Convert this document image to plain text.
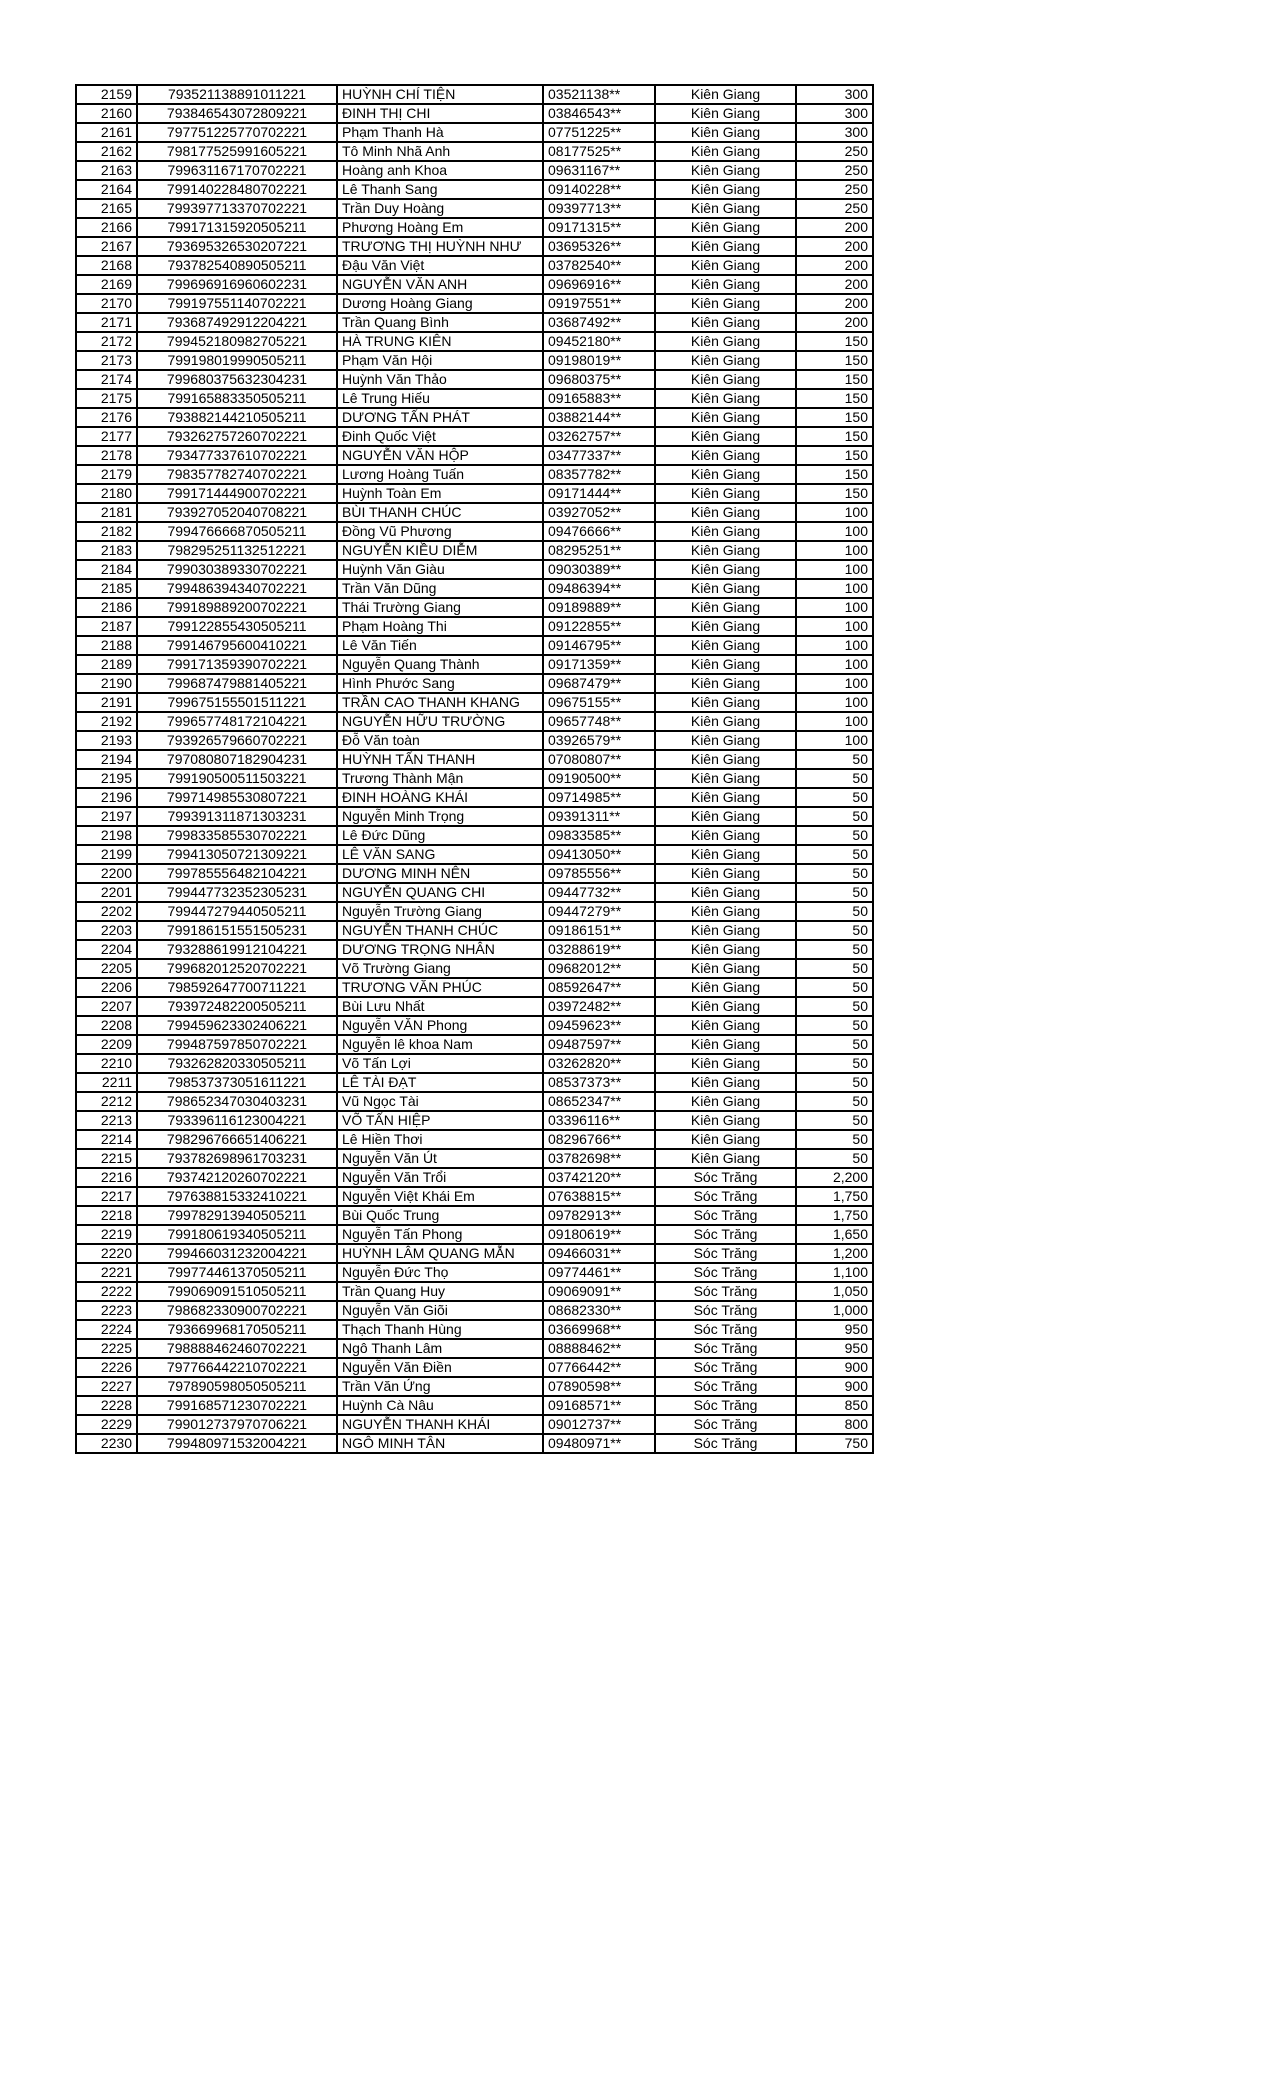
2159	793521138891011221	HUỲNH CHÍ TIỆN	03521138**	Kiên Giang	300
2160	793846543072809221	ĐINH THỊ CHI	03846543**	Kiên Giang	300
2161	797751225770702221	Phạm Thanh Hà	07751225**	Kiên Giang	300
2162	798177525991605221	Tô Minh Nhã Anh	08177525**	Kiên Giang	250
2163	799631167170702221	Hoàng anh Khoa	09631167**	Kiên Giang	250
2164	799140228480702221	Lê Thanh Sang	09140228**	Kiên Giang	250
2165	799397713370702221	Trần Duy Hoàng	09397713**	Kiên Giang	250
2166	799171315920505211	Phương Hoàng Em	09171315**	Kiên Giang	200
2167	793695326530207221	TRƯƠNG THỊ HUỲNH NHƯ	03695326**	Kiên Giang	200
2168	793782540890505211	Đậu Văn Việt	03782540**	Kiên Giang	200
2169	799696916960602231	NGUYỄN VĂN ANH	09696916**	Kiên Giang	200
2170	799197551140702221	Dương Hoàng Giang	09197551**	Kiên Giang	200
2171	793687492912204221	Trần Quang Bình	03687492**	Kiên Giang	200
2172	799452180982705221	HÀ TRUNG KIÊN	09452180**	Kiên Giang	150
2173	799198019990505211	Phạm Văn Hội	09198019**	Kiên Giang	150
2174	799680375632304231	Huỳnh Văn Thảo	09680375**	Kiên Giang	150
2175	799165883350505211	Lê Trung Hiếu	09165883**	Kiên Giang	150
2176	793882144210505211	DƯƠNG TẤN PHÁT	03882144**	Kiên Giang	150
2177	793262757260702221	Đinh Quốc Việt	03262757**	Kiên Giang	150
2178	793477337610702221	NGUYỄN VĂN HỘP	03477337**	Kiên Giang	150
2179	798357782740702221	Lương Hoàng Tuấn	08357782**	Kiên Giang	150
2180	799171444900702221	Huỳnh Toàn Em	09171444**	Kiên Giang	150
2181	793927052040708221	BÙI THANH CHÚC	03927052**	Kiên Giang	100
2182	799476666870505211	Đồng Vũ Phương	09476666**	Kiên Giang	100
2183	798295251132512221	NGUYỄN KIỀU DIỄM	08295251**	Kiên Giang	100
2184	799030389330702221	Huỳnh Văn Giàu	09030389**	Kiên Giang	100
2185	799486394340702221	Trần Văn Dũng	09486394**	Kiên Giang	100
2186	799189889200702221	Thái Trường Giang	09189889**	Kiên Giang	100
2187	799122855430505211	Phạm Hoàng Thi	09122855**	Kiên Giang	100
2188	799146795600410221	Lê Văn Tiến	09146795**	Kiên Giang	100
2189	799171359390702221	Nguyễn Quang Thành	09171359**	Kiên Giang	100
2190	799687479881405221	Hình Phước Sang	09687479**	Kiên Giang	100
2191	799675155501511221	TRẦN CAO THANH KHANG	09675155**	Kiên Giang	100
2192	799657748172104221	NGUYỄN HỮU TRƯỜNG	09657748**	Kiên Giang	100
2193	793926579660702221	Đỗ Văn toàn	03926579**	Kiên Giang	100
2194	797080807182904231	HUỲNH TẤN THANH	07080807**	Kiên Giang	50
2195	799190500511503221	Trương Thành Mận	09190500**	Kiên Giang	50
2196	799714985530807221	ĐINH HOÀNG KHÁI	09714985**	Kiên Giang	50
2197	799391311871303231	Nguyễn Minh Trọng	09391311**	Kiên Giang	50
2198	799833585530702221	Lê Đức Dũng	09833585**	Kiên Giang	50
2199	799413050721309221	LÊ VĂN SANG	09413050**	Kiên Giang	50
2200	799785556482104221	DƯƠNG MINH NÊN	09785556**	Kiên Giang	50
2201	799447732352305231	NGUYỄN QUANG CHI	09447732**	Kiên Giang	50
2202	799447279440505211	Nguyễn Trường Giang	09447279**	Kiên Giang	50
2203	799186151551505231	NGUYỄN THANH CHÚC	09186151**	Kiên Giang	50
2204	793288619912104221	DƯƠNG TRỌNG NHÂN	03288619**	Kiên Giang	50
2205	799682012520702221	Võ Trường Giang	09682012**	Kiên Giang	50
2206	798592647700711221	TRƯƠNG VĂN PHÚC	08592647**	Kiên Giang	50
2207	793972482200505211	Bùi Lưu Nhất	03972482**	Kiên Giang	50
2208	799459623302406221	Nguyễn VĂN Phong	09459623**	Kiên Giang	50
2209	799487597850702221	Nguyễn lê khoa Nam	09487597**	Kiên Giang	50
2210	793262820330505211	Võ Tấn Lợi	03262820**	Kiên Giang	50
2211	798537373051611221	LÊ TÀI ĐẠT	08537373**	Kiên Giang	50
2212	798652347030403231	Vũ Ngọc Tài	08652347**	Kiên Giang	50
2213	793396116123004221	VÕ TẤN HIỆP	03396116**	Kiên Giang	50
2214	798296766651406221	Lê Hiền Thơi	08296766**	Kiên Giang	50
2215	793782698961703231	Nguyễn Văn Út	03782698**	Kiên Giang	50
2216	793742120260702221	Nguyễn Văn Trổi	03742120**	Sóc Trăng	2,200
2217	797638815332410221	Nguyễn Việt Khái Em	07638815**	Sóc Trăng	1,750
2218	799782913940505211	Bùi Quốc Trung	09782913**	Sóc Trăng	1,750
2219	799180619340505211	Nguyễn Tấn Phong	09180619**	Sóc Trăng	1,650
2220	799466031232004221	HUỲNH LÂM QUANG MẪN	09466031**	Sóc Trăng	1,200
2221	799774461370505211	Nguyễn Đức Thọ	09774461**	Sóc Trăng	1,100
2222	799069091510505211	Trần Quang Huy	09069091**	Sóc Trăng	1,050
2223	798682330900702221	Nguyễn Văn Giõi	08682330**	Sóc Trăng	1,000
2224	793669968170505211	Thạch Thanh Hùng	03669968**	Sóc Trăng	950
2225	798888462460702221	Ngô Thanh Lâm	08888462**	Sóc Trăng	950
2226	797766442210702221	Nguyễn Văn Điền	07766442**	Sóc Trăng	900
2227	797890598050505211	Trần Văn Ứng	07890598**	Sóc Trăng	900
2228	799168571230702221	Huỳnh Cà Nâu	09168571**	Sóc Trăng	850
2229	799012737970706221	NGUYỄN THANH KHÁI	09012737**	Sóc Trăng	800
2230	799480971532004221	NGÔ MINH TÂN	09480971**	Sóc Trăng	750
